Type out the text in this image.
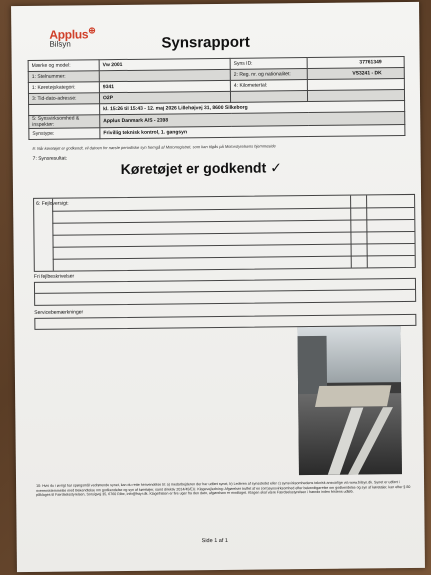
Applus⊕
Bilsyn	Synsrapport
Mærke og model:	Vw 2001	Syns ID:	37761349
1: Stelnummer:		2: Reg. nr. og nationalitet:	VS3241 - DK
1: Køretøjskategori:	9341	4: Kilometertal:	
3: Tid-dato-adresse:	O2P		
	kl. 15:26 til 15:43 - 12. maj 2026 Lillehøjvej 31, 8600 Silkeborg		
5: Synsvirksomhed & inspektør:	Applus Danmark A/S - 2398		
Synstype:	Frivillig teknisk kontrol, 1. gangsyn		
8: Når køretøjet er godkendt, vil datoen for næste periodiske syn fremgå af Motorregistret, som kan tilgås på Motorstyrelsens hjemmeside
7: Synsresultat:
Køretøjet er godkendt ✓
6: Fejloversigt:
Fri fejlbeskrivelser
Servicebemærkninger
10: Hvis du i øvrigt har spørgsmål vedrørende synet, kan du rette henvendelse til: a) medarbejderen der har udført synet, b) Lederen af synsstedet eller c) synsvirksomhedens teknisk ansvarlige via www.bilsyn.dk. Synet er udført i overensstemmelse med Bekendtelse om godkendelse og syn af køretøjer, samt direktiv 2014/45/EU. Klagevejledning: Afgørelser truffet af en (om)synsvirksomhed efter bekendtgørelse om godkendelse og syn af køretøjer, kan efter § 80 påklages til Færdselsstyrelsen, Sorsigvej 35, 6760 Ribe, info@fstyr.dk. Klagefristen er fire uger fra den dato, afgørelsen er modtaget. Klagen skal være Færdselsstyrelsen i hænde inden fristens udløb.
Side 1 af 1
